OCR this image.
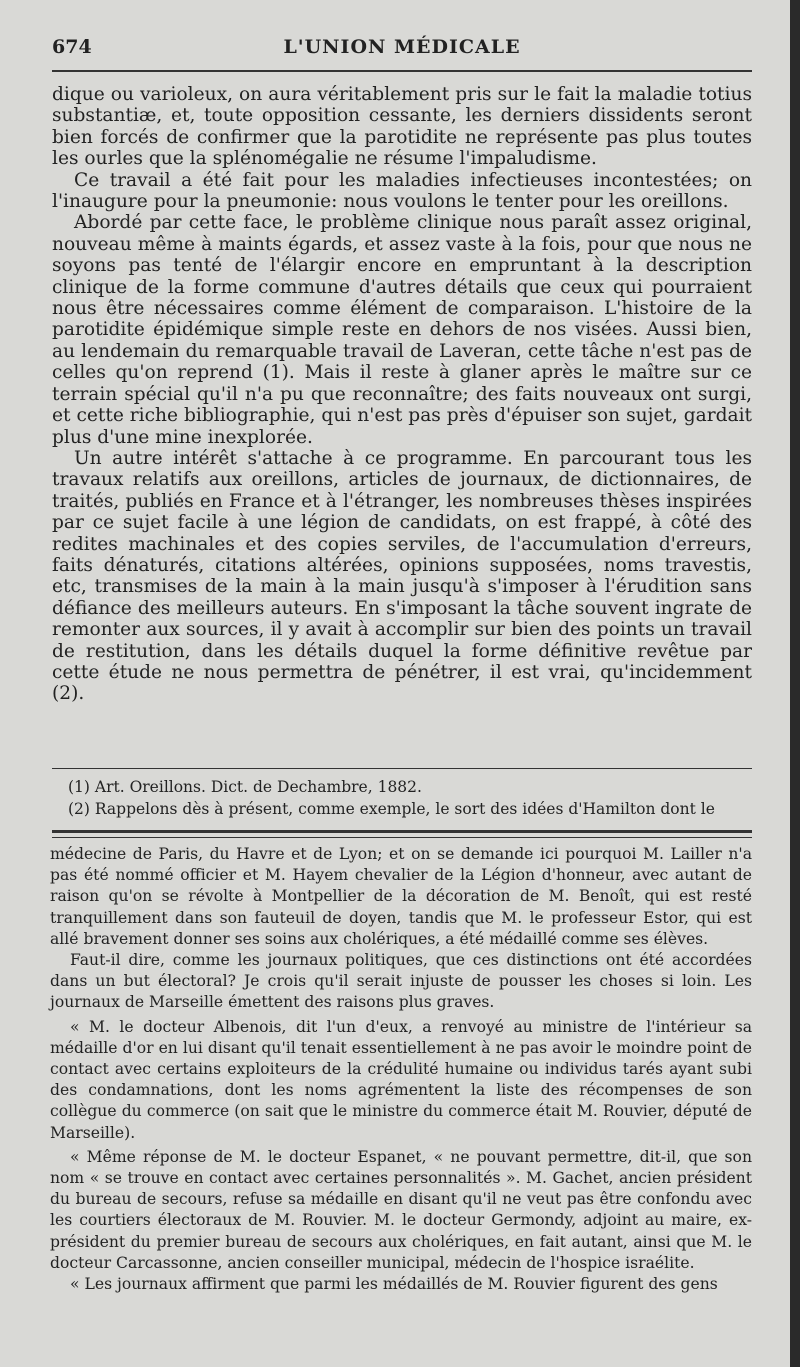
674	L'UNION MÉDICALE

dique ou varioleux, on aura véritablement pris sur le fait la maladie totius substantiæ, et, toute opposition cessante, les derniers dissidents seront bien forcés de confirmer que la parotidite ne représente pas plus toutes les ourles que la splénomégalie ne résume l'impaludisme.

Ce travail a été fait pour les maladies infectieuses incontestées; on l'inaugure pour la pneumonie: nous voulons le tenter pour les oreillons.

Abordé par cette face, le problème clinique nous paraît assez original, nouveau même à maints égards, et assez vaste à la fois, pour que nous ne soyons pas tenté de l'élargir encore en empruntant à la description clinique de la forme commune d'autres détails que ceux qui pourraient nous être nécessaires comme élément de comparaison. L'histoire de la parotidite épidémique simple reste en dehors de nos visées. Aussi bien, au lendemain du remarquable travail de Laveran, cette tâche n'est pas de celles qu'on reprend (1). Mais il reste à glaner après le maître sur ce terrain spécial qu'il n'a pu que reconnaître; des faits nouveaux ont surgi, et cette riche bibliographie, qui n'est pas près d'épuiser son sujet, gardait plus d'une mine inexplorée.

Un autre intérêt s'attache à ce programme. En parcourant tous les travaux relatifs aux oreillons, articles de journaux, de dictionnaires, de traités, publiés en France et à l'étranger, les nombreuses thèses inspirées par ce sujet facile à une légion de candidats, on est frappé, à côté des redites machinales et des copies serviles, de l'accumulation d'erreurs, faits dénaturés, citations altérées, opinions supposées, noms travestis, etc, transmises de la main à la main jusqu'à s'imposer à l'érudition sans défiance des meilleurs auteurs. En s'imposant la tâche souvent ingrate de remonter aux sources, il y avait à accomplir sur bien des points un travail de restitution, dans les détails duquel la forme définitive revêtue par cette étude ne nous permettra de pénétrer, il est vrai, qu'incidemment (2).

(1) Art. Oreillons. Dict. de Dechambre, 1882.

(2) Rappelons dès à présent, comme exemple, le sort des idées d'Hamilton dont le

médecine de Paris, du Havre et de Lyon; et on se demande ici pourquoi M. Lailler n'a pas été nommé officier et M. Hayem chevalier de la Légion d'honneur, avec autant de raison qu'on se révolte à Montpellier de la décoration de M. Benoît, qui est resté tranquillement dans son fauteuil de doyen, tandis que M. le professeur Estor, qui est allé bravement donner ses soins aux cholériques, a été médaillé comme ses élèves.

Faut-il dire, comme les journaux politiques, que ces distinctions ont été accordées dans un but électoral? Je crois qu'il serait injuste de pousser les choses si loin. Les journaux de Marseille émettent des raisons plus graves.

« M. le docteur Albenois, dit l'un d'eux, a renvoyé au ministre de l'intérieur sa médaille d'or en lui disant qu'il tenait essentiellement à ne pas avoir le moindre point de contact avec certains exploiteurs de la crédulité humaine ou individus tarés ayant subi des condamnations, dont les noms agrémentent la liste des récompenses de son collègue du commerce (on sait que le ministre du commerce était M. Rouvier, député de Marseille).

« Même réponse de M. le docteur Espanet, « ne pouvant permettre, dit-il, que son nom « se trouve en contact avec certaines personnalités ». M. Gachet, ancien président du bureau de secours, refuse sa médaille en disant qu'il ne veut pas être confondu avec les courtiers électoraux de M. Rouvier. M. le docteur Germondy, adjoint au maire, ex-président du premier bureau de secours aux cholériques, en fait autant, ainsi que M. le docteur Carcassonne, ancien conseiller municipal, médecin de l'hospice israélite.

« Les journaux affirment que parmi les médaillés de M. Rouvier figurent des gens
